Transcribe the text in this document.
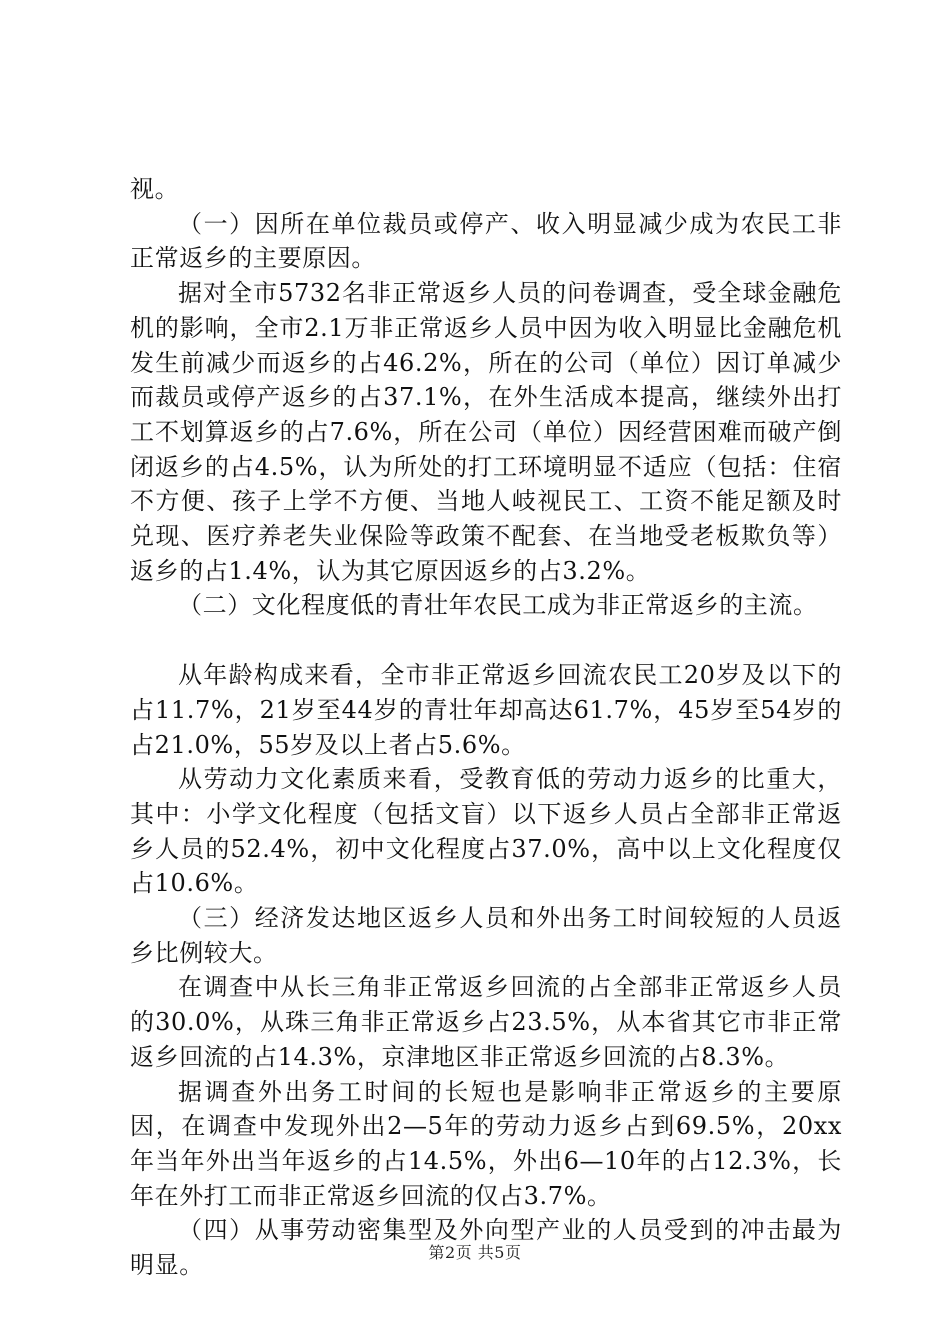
视。

（一）因所在单位裁员或停产、收入明显减少成为农民工非正常返乡的主要原因。

据对全市5732名非正常返乡人员的问卷调查，受全球金融危机的影响，全市2.1万非正常返乡人员中因为收入明显比金融危机发生前减少而返乡的占46.2%，所在的公司（单位）因订单减少而裁员或停产返乡的占37.1%，在外生活成本提高，继续外出打工不划算返乡的占7.6%，所在公司（单位）因经营困难而破产倒闭返乡的占4.5%，认为所处的打工环境明显不适应（包括：住宿不方便、孩子上学不方便、当地人岐视民工、工资不能足额及时兑现、医疗养老失业保险等政策不配套、在当地受老板欺负等）返乡的占1.4%，认为其它原因返乡的占3.2%。

（二）文化程度低的青壮年农民工成为非正常返乡的主流。

从年龄构成来看，全市非正常返乡回流农民工20岁及以下的占11.7%，21岁至44岁的青壮年却高达61.7%，45岁至54岁的占21.0%，55岁及以上者占5.6%。

从劳动力文化素质来看，受教育低的劳动力返乡的比重大，其中：小学文化程度（包括文盲）以下返乡人员占全部非正常返乡人员的52.4%，初中文化程度占37.0%，高中以上文化程度仅占10.6%。

（三）经济发达地区返乡人员和外出务工时间较短的人员返乡比例较大。

在调查中从长三角非正常返乡回流的占全部非正常返乡人员的30.0%，从珠三角非正常返乡占23.5%，从本省其它市非正常返乡回流的占14.3%，京津地区非正常返乡回流的占8.3%。

据调查外出务工时间的长短也是影响非正常返乡的主要原因，在调查中发现外出2—5年的劳动力返乡占到69.5%，20xx年当年外出当年返乡的占14.5%，外出6—10年的占12.3%，长年在外打工而非正常返乡回流的仅占3.7%。

（四）从事劳动密集型及外向型产业的人员受到的冲击最为明显。	第2页 共5页
